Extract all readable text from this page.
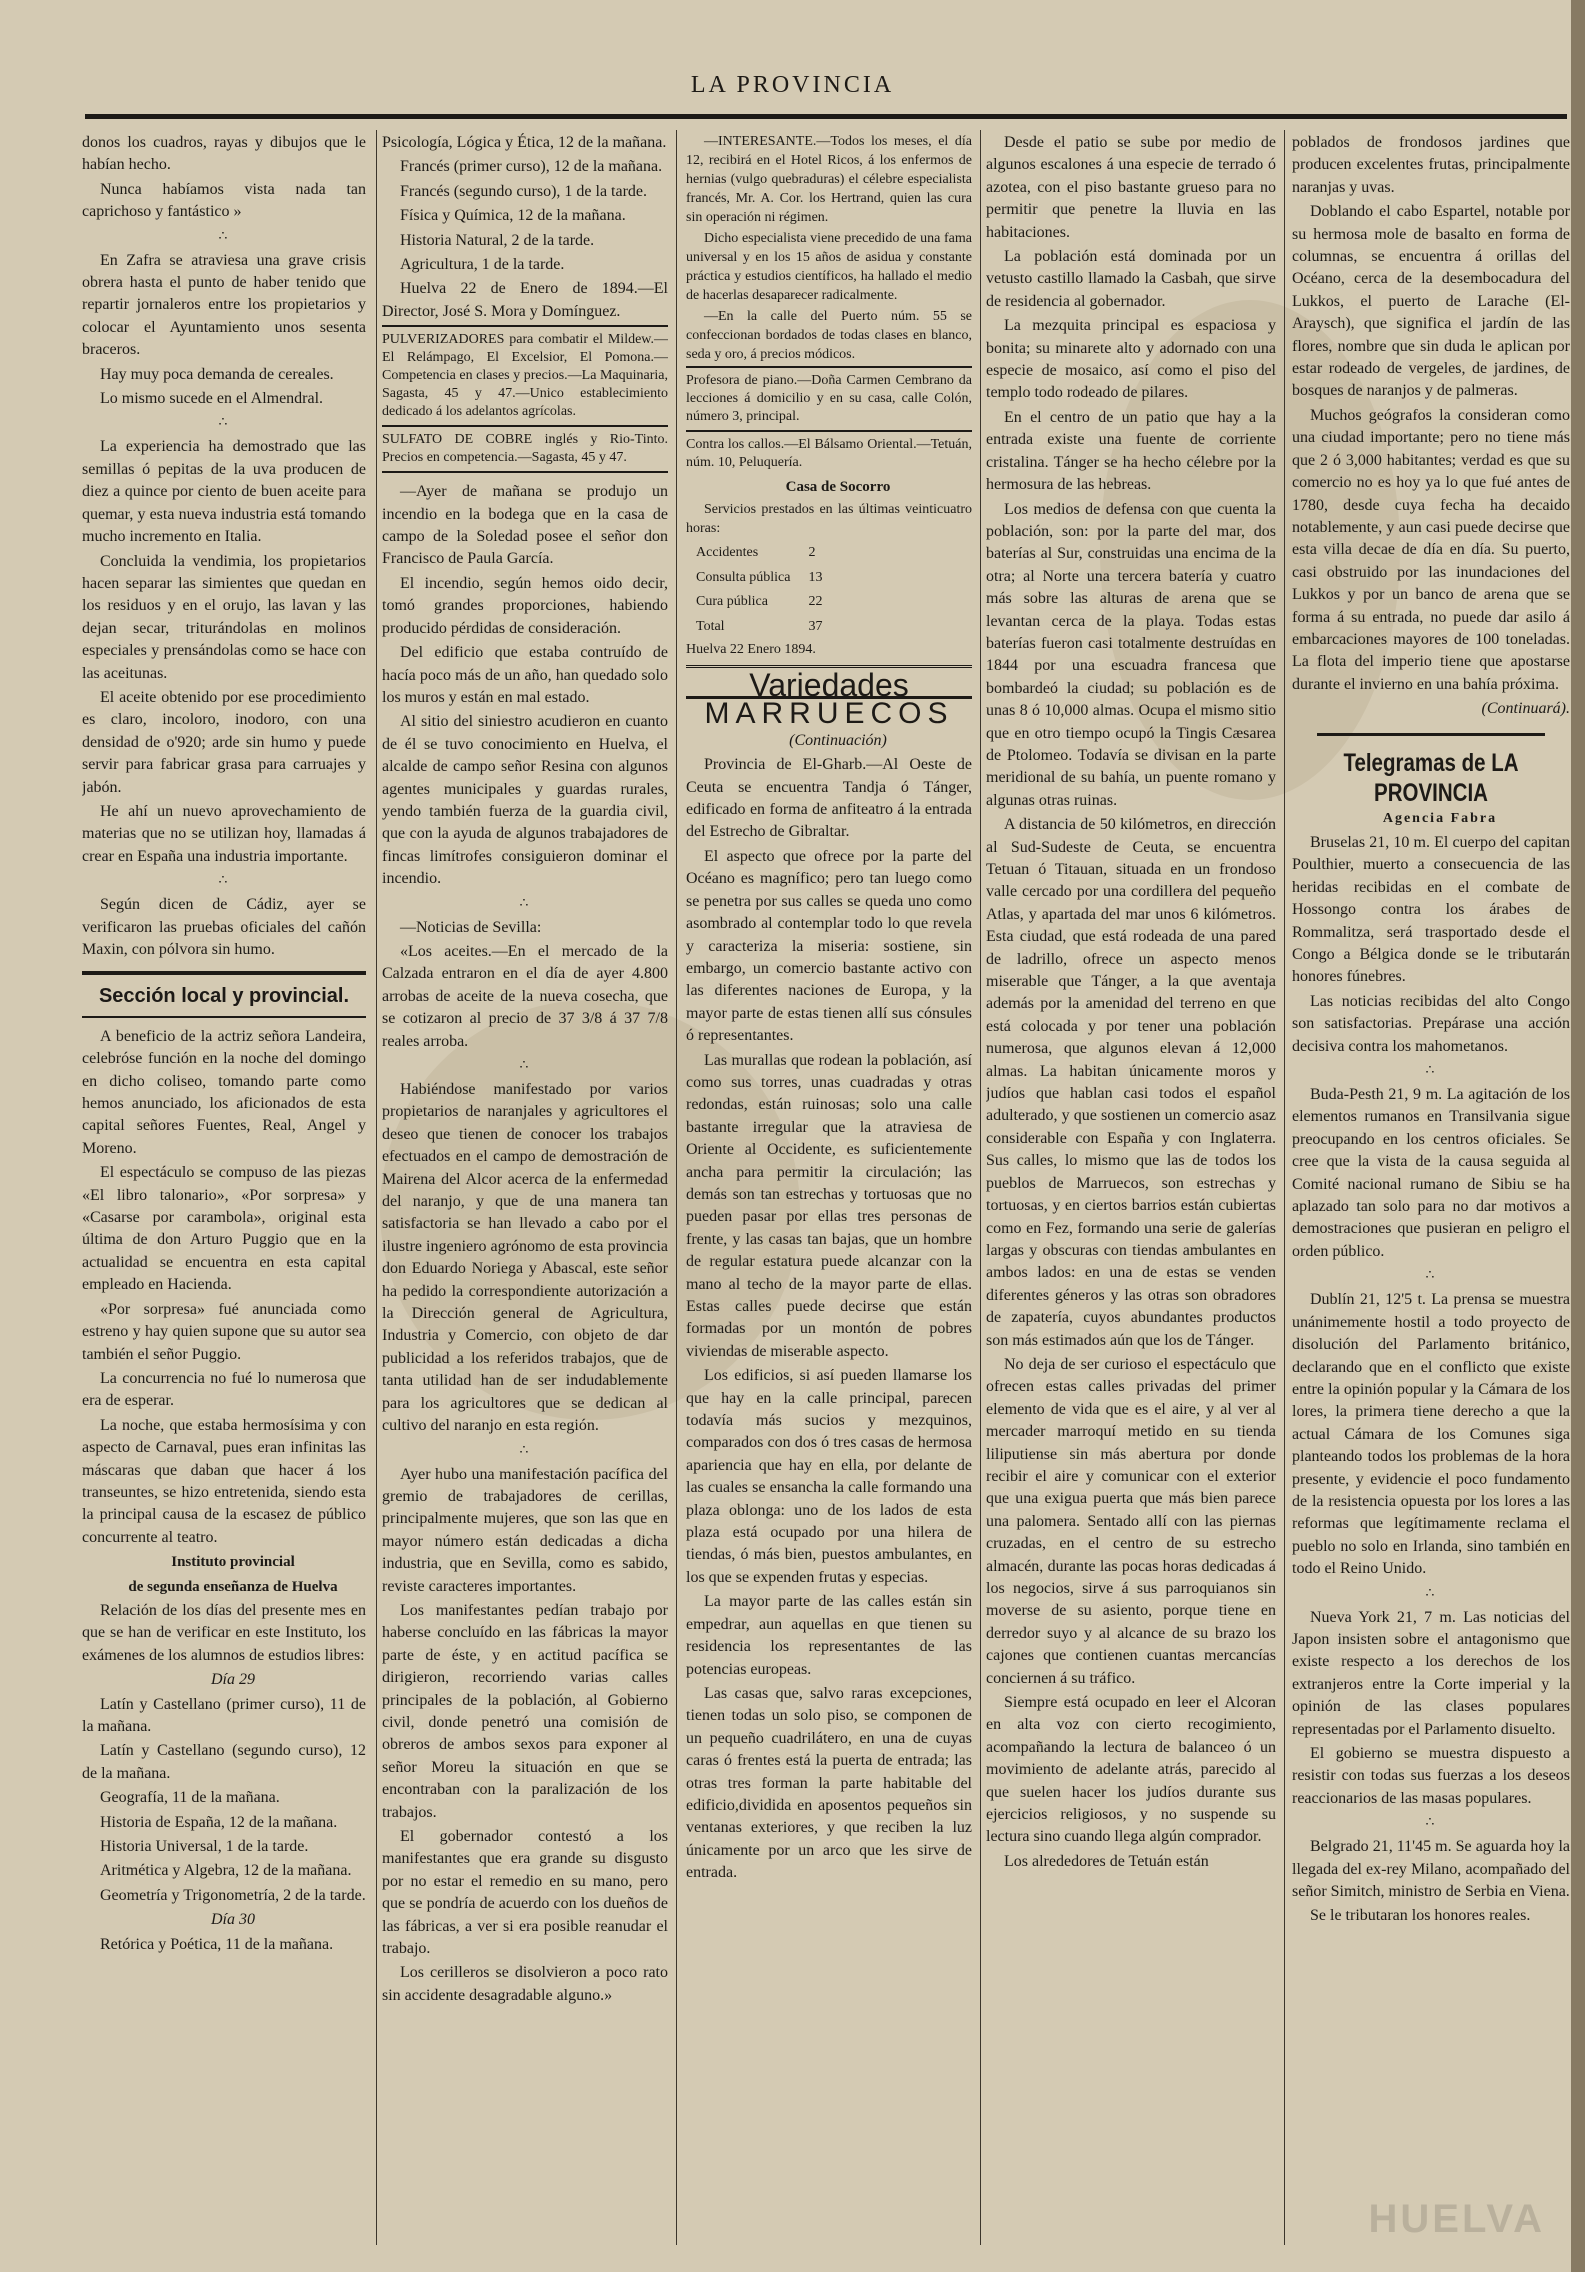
LA PROVINCIA

donos los cuadros, rayas y dibujos que le habían hecho.

Nunca habíamos vista nada tan caprichoso y fantástico »

∴

En Zafra se atraviesa una grave crisis obrera hasta el punto de haber tenido que repartir jornaleros entre los propietarios y colocar el Ayuntamiento unos sesenta braceros.

Hay muy poca demanda de cereales.

Lo mismo sucede en el Almendral.

∴

La experiencia ha demostrado que las semillas ó pepitas de la uva producen de diez a quince por ciento de buen aceite para quemar, y esta nueva industria está tomando mucho incremento en Italia.

Concluida la vendimia, los propietarios hacen separar las simientes que quedan en los residuos y en el orujo, las lavan y las dejan secar, triturándolas en molinos especiales y prensándolas como se hace con las aceitunas.

El aceite obtenido por ese procedimiento es claro, incoloro, inodoro, con una densidad de o'920; arde sin humo y puede servir para fabricar grasa para carruajes y jabón.

He ahí un nuevo aprovechamiento de materias que no se utilizan hoy, llamadas á crear en España una industria importante.

∴

Según dicen de Cádiz, ayer se verificaron las pruebas oficiales del cañón Maxin, con pólvora sin humo.

Sección local y provincial.

A beneficio de la actriz señora Landeira, celebróse función en la noche del domingo en dicho coliseo, tomando parte como hemos anunciado, los aficionados de esta capital señores Fuentes, Real, Angel y Moreno.

El espectáculo se compuso de las piezas «El libro talonario», «Por sorpresa» y «Casarse por carambola», original esta última de don Arturo Puggio que en la actualidad se encuentra en esta capital empleado en Hacienda.

«Por sorpresa» fué anunciada como estreno y hay quien supone que su autor sea también el señor Puggio.

La concurrencia no fué lo numerosa que era de esperar.

La noche, que estaba hermosísima y con aspecto de Carnaval, pues eran infinitas las máscaras que daban que hacer á los transeuntes, se hizo entretenida, siendo esta la principal causa de la escasez de público concurrente al teatro.

Instituto provincial

de segunda enseñanza de Huelva

Relación de los días del presente mes en que se han de verificar en este Instituto, los exámenes de los alumnos de estudios libres:

Día 29

Latín y Castellano (primer curso), 11 de la mañana.

Latín y Castellano (segundo curso), 12 de la mañana.

Geografía, 11 de la mañana.

Historia de España, 12 de la mañana.

Historia Universal, 1 de la tarde.

Aritmética y Algebra, 12 de la mañana.

Geometría y Trigonometría, 2 de la tarde.

Día 30

Retórica y Poética, 11 de la mañana.

Psicología, Lógica y Ética, 12 de la mañana.

Francés (primer curso), 12 de la mañana.

Francés (segundo curso), 1 de la tarde.

Física y Química, 12 de la mañana.

Historia Natural, 2 de la tarde.

Agricultura, 1 de la tarde.

Huelva 22 de Enero de 1894.—El Director, José S. Mora y Domínguez.

PULVERIZADORES para combatir el Mildew.—El Relámpago, El Excelsior, El Pomona.—Competencia en clases y precios.—La Maquinaria, Sagasta, 45 y 47.—Unico establecimiento dedicado á los adelantos agrícolas.
SULFATO DE COBRE inglés y Rio-Tinto. Precios en competencia.—Sagasta, 45 y 47.

—Ayer de mañana se produjo un incendio en la bodega que en la casa de campo de la Soledad posee el señor don Francisco de Paula García.

El incendio, según hemos oido decir, tomó grandes proporciones, habiendo producido pérdidas de consideración.

Del edificio que estaba contruído de hacía poco más de un año, han quedado solo los muros y están en mal estado.

Al sitio del siniestro acudieron en cuanto de él se tuvo conocimiento en Huelva, el alcalde de campo señor Resina con algunos agentes municipales y guardas rurales, yendo también fuerza de la guardia civil, que con la ayuda de algunos trabajadores de fincas limítrofes consiguieron dominar el incendio.

∴

—Noticias de Sevilla:

«Los aceites.—En el mercado de la Calzada entraron en el día de ayer 4.800 arrobas de aceite de la nueva cosecha, que se cotizaron al precio de 37 3/8 á 37 7/8 reales arroba.

∴

Habiéndose manifestado por varios propietarios de naranjales y agricultores el deseo que tienen de conocer los trabajos efectuados en el campo de demostración de Mairena del Alcor acerca de la enfermedad del naranjo, y que de una manera tan satisfactoria se han llevado a cabo por el ilustre ingeniero agrónomo de esta provincia don Eduardo Noriega y Abascal, este señor ha pedido la correspondiente autorización a la Dirección general de Agricultura, Industria y Comercio, con objeto de dar publicidad a los referidos trabajos, que de tanta utilidad han de ser indudablemente para los agricultores que se dedican al cultivo del naranjo en esta región.

∴

Ayer hubo una manifestación pacífica del gremio de trabajadores de cerillas, principalmente mujeres, que son las que en mayor número están dedicadas a dicha industria, que en Sevilla, como es sabido, reviste caracteres importantes.

Los manifestantes pedían trabajo por haberse concluído en las fábricas la mayor parte de éste, y en actitud pacífica se dirigieron, recorriendo varias calles principales de la población, al Gobierno civil, donde penetró una comisión de obreros de ambos sexos para exponer al señor Moreu la situación en que se encontraban con la paralización de los trabajos.

El gobernador contestó a los manifestantes que era grande su disgusto por no estar el remedio en su mano, pero que se pondría de acuerdo con los dueños de las fábricas, a ver si era posible reanudar el trabajo.

Los cerilleros se disolvieron a poco rato sin accidente desagradable alguno.»

—INTERESANTE.—Todos los meses, el día 12, recibirá en el Hotel Ricos, á los enfermos de hernias (vulgo quebraduras) el célebre especialista francés, Mr. A. Cor. los Hertrand, quien las cura sin operación ni régimen.

Dicho especialista viene precedido de una fama universal y en los 15 años de asidua y constante práctica y estudios científicos, ha hallado el medio de hacerlas desaparecer radicalmente.

—En la calle del Puerto núm. 55 se confeccionan bordados de todas clases en blanco, seda y oro, á precios módicos.

Profesora de piano.—Doña Carmen Cembrano da lecciones á domicilio y en su casa, calle Colón, número 3, principal.
Contra los callos.—El Bálsamo Oriental.—Tetuán, núm. 10, Peluquería.

Casa de Socorro

Servicios prestados en las últimas veinticuatro horas:

Accidentes	2
Consulta pública	13
Cura pública	22
Total	37

Huelva 22 Enero 1894.

Variedades
MARRUECOS

(Continuación)

Provincia de El-Gharb.—Al Oeste de Ceuta se encuentra Tandja ó Tánger, edificado en forma de anfiteatro á la entrada del Estrecho de Gibraltar.

El aspecto que ofrece por la parte del Océano es magnífico; pero tan luego como se penetra por sus calles se queda uno como asombrado al contemplar todo lo que revela y caracteriza la miseria: sostiene, sin embargo, un comercio bastante activo con las diferentes naciones de Europa, y la mayor parte de estas tienen allí sus cónsules ó representantes.

Las murallas que rodean la población, así como sus torres, unas cuadradas y otras redondas, están ruinosas; solo una calle bastante irregular que la atraviesa de Oriente al Occidente, es suficientemente ancha para permitir la circulación; las demás son tan estrechas y tortuosas que no pueden pasar por ellas tres personas de frente, y las casas tan bajas, que un hombre de regular estatura puede alcanzar con la mano al techo de la mayor parte de ellas. Estas calles puede decirse que están formadas por un montón de pobres viviendas de miserable aspecto.

Los edificios, si así pueden llamarse los que hay en la calle principal, parecen todavía más sucios y mezquinos, comparados con dos ó tres casas de hermosa apariencia que hay en ella, por delante de las cuales se ensancha la calle formando una plaza oblonga: uno de los lados de esta plaza está ocupado por una hilera de tiendas, ó más bien, puestos ambulantes, en los que se expenden frutas y especias.

La mayor parte de las calles están sin empedrar, aun aquellas en que tienen su residencia los representantes de las potencias europeas.

Las casas que, salvo raras excepciones, tienen todas un solo piso, se componen de un pequeño cuadrilátero, en una de cuyas caras ó frentes está la puerta de entrada; las otras tres forman la parte habitable del edificio,dividida en aposentos pequeños sin ventanas exteriores, y que reciben la luz únicamente por un arco que les sirve de entrada.

Desde el patio se sube por medio de algunos escalones á una especie de terrado ó azotea, con el piso bastante grueso para no permitir que penetre la lluvia en las habitaciones.

La población está dominada por un vetusto castillo llamado la Casbah, que sirve de residencia al gobernador.

La mezquita principal es espaciosa y bonita; su minarete alto y adornado con una especie de mosaico, así como el piso del templo todo rodeado de pilares.

En el centro de un patio que hay a la entrada existe una fuente de corriente cristalina. Tánger se ha hecho célebre por la hermosura de las hebreas.

Los medios de defensa con que cuenta la población, son: por la parte del mar, dos baterías al Sur, construidas una encima de la otra; al Norte una tercera batería y cuatro más sobre las alturas de arena que se levantan cerca de la playa. Todas estas baterías fueron casi totalmente destruídas en 1844 por una escuadra francesa que bombardeó la ciudad; su población es de unas 8 ó 10,000 almas. Ocupa el mismo sitio que en otro tiempo ocupó la Tingis Cæsarea de Ptolomeo. Todavía se divisan en la parte meridional de su bahía, un puente romano y algunas otras ruinas.

A distancia de 50 kilómetros, en dirección al Sud-Sudeste de Ceuta, se encuentra Tetuan ó Titauan, situada en un frondoso valle cercado por una cordillera del pequeño Atlas, y apartada del mar unos 6 kilómetros. Esta ciudad, que está rodeada de una pared de ladrillo, ofrece un aspecto menos miserable que Tánger, a la que aventaja además por la amenidad del terreno en que está colocada y por tener una población numerosa, que algunos elevan á 12,000 almas. La habitan únicamente moros y judíos que hablan casi todos el español adulterado, y que sostienen un comercio asaz considerable con España y con Inglaterra. Sus calles, lo mismo que las de todos los pueblos de Marruecos, son estrechas y tortuosas, y en ciertos barrios están cubiertas como en Fez, formando una serie de galerías largas y obscuras con tiendas ambulantes en ambos lados: en una de estas se venden diferentes géneros y las otras son obradores de zapatería, cuyos abundantes productos son más estimados aún que los de Tánger.

No deja de ser curioso el espectáculo que ofrecen estas calles privadas del primer elemento de vida que es el aire, y al ver al mercader marroquí metido en su tienda liliputiense sin más abertura por donde recibir el aire y comunicar con el exterior que una exigua puerta que más bien parece una palomera. Sentado allí con las piernas cruzadas, en el centro de su estrecho almacén, durante las pocas horas dedicadas á los negocios, sirve á sus parroquianos sin moverse de su asiento, porque tiene en derredor suyo y al alcance de su brazo los cajones que contienen cuantas mercancías conciernen á su tráfico.

Siempre está ocupado en leer el Alcoran en alta voz con cierto recogimiento, acompañando la lectura de balanceo ó un movimiento de adelante atrás, parecido al que suelen hacer los judíos durante sus ejercicios religiosos, y no suspende su lectura sino cuando llega algún comprador.

Los alrededores de Tetuán están

poblados de frondosos jardines que producen excelentes frutas, principalmente naranjas y uvas.

Doblando el cabo Espartel, notable por su hermosa mole de basalto en forma de columnas, se encuentra á orillas del Océano, cerca de la desembocadura del Lukkos, el puerto de Larache (El-Araysch), que significa el jardín de las flores, nombre que sin duda le aplican por estar rodeado de vergeles, de jardines, de bosques de naranjos y de palmeras.

Muchos geógrafos la consideran como una ciudad importante; pero no tiene más que 2 ó 3,000 habitantes; verdad es que su comercio no es hoy ya lo que fué antes de 1780, desde cuya fecha ha decaido notablemente, y aun casi puede decirse que esta villa decae de día en día. Su puerto, casi obstruido por las inundaciones del Lukkos y por un banco de arena que se forma á su entrada, no puede dar asilo á embarcaciones mayores de 100 toneladas. La flota del imperio tiene que apostarse durante el invierno en una bahía próxima.

(Continuará).

Telegramas de LA PROVINCIA

Agencia Fabra

Bruselas 21, 10 m. El cuerpo del capitan Poulthier, muerto a consecuencia de las heridas recibidas en el combate de Hossongo contra los árabes de Rommalitza, será trasportado desde el Congo a Bélgica donde se le tributarán honores fúnebres.

Las noticias recibidas del alto Congo son satisfactorias. Prepárase una acción decisiva contra los mahometanos.

∴

Buda-Pesth 21, 9 m. La agitación de los elementos rumanos en Transilvania sigue preocupando en los centros oficiales. Se cree que la vista de la causa seguida al Comité nacional rumano de Sibiu se ha aplazado tan solo para no dar motivos a demostraciones que pusieran en peligro el orden público.

∴

Dublín 21, 12'5 t. La prensa se muestra unánimemente hostil a todo proyecto de disolución del Parlamento británico, declarando que en el conflicto que existe entre la opinión popular y la Cámara de los lores, la primera tiene derecho a que la actual Cámara de los Comunes siga planteando todos los problemas de la hora presente, y evidencie el poco fundamento de la resistencia opuesta por los lores a las reformas que legítimamente reclama el pueblo no solo en Irlanda, sino también en todo el Reino Unido.

∴

Nueva York 21, 7 m. Las noticias del Japon insisten sobre el antagonismo que existe respecto a los derechos de los extranjeros entre la Corte imperial y la opinión de las clases populares representadas por el Parlamento disuelto.

El gobierno se muestra dispuesto a resistir con todas sus fuerzas a los deseos reaccionarios de las masas populares.

∴

Belgrado 21, 11'45 m. Se aguarda hoy la llegada del ex-rey Milano, acompañado del señor Simitch, ministro de Serbia en Viena.

Se le tributaran los honores reales.

HUELVA
